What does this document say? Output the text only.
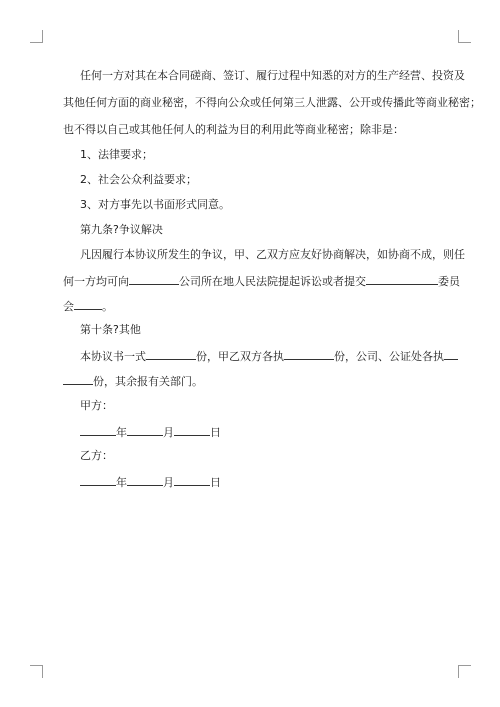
任何一方对其在本合同磋商、签订、履行过程中知悉的对方的生产经营、投资及
其他任何方面的商业秘密，不得向公众或任何第三人泄露、公开或传播此等商业秘密；
也不得以自己或其他任何人的利益为目的利用此等商业秘密；除非是：
1、法律要求；
2、社会公众利益要求；
3、对方事先以书面形式同意。
第九条?争议解决
凡因履行本协议所发生的争议，甲、乙双方应友好协商解决，如协商不成，则任
何一方均可向	公司所在地人民法院提起诉讼或者提交	委员
会	。
第十条?其他
本协议书一式	份，甲乙双方各执	份，公司、公证处各执
份，其余报有关部门。
甲方：
年	月	日
乙方：
年	月	日
